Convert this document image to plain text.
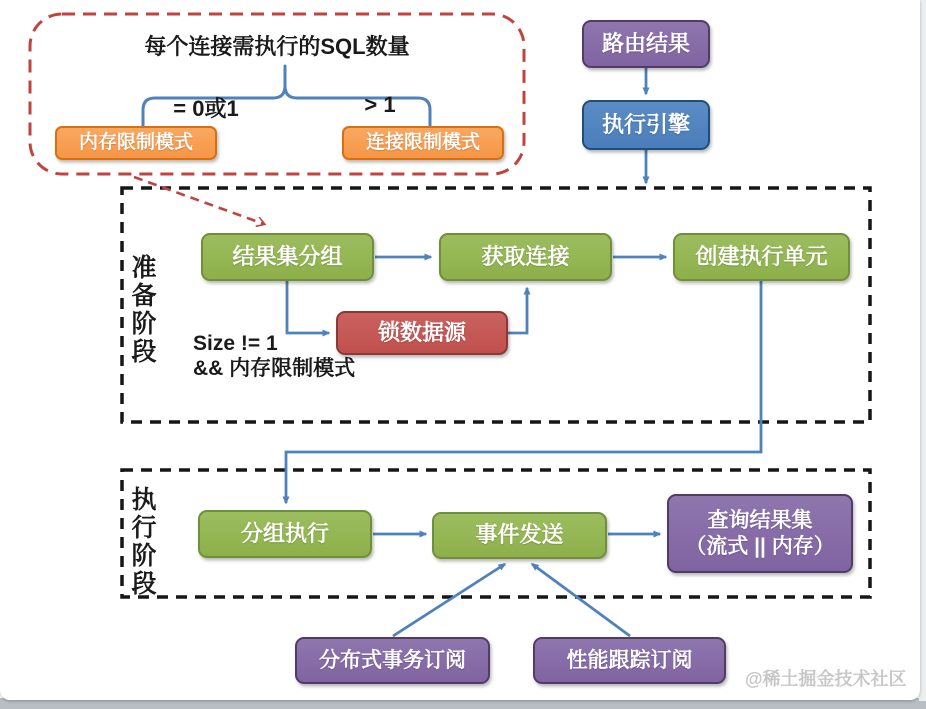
每个连接需执行的SQL数量
= 0或1	> 1
内存限制模式	连接限制模式
路由结果
执行引擎
准备阶段	结果集分组	获取连接	创建执行单元
锁数据源
Size != 1
&& 内存限制模式
执行阶段	分组执行	事件发送
查询结果集
（流式 || 内存）
分布式事务订阅	性能跟踪订阅
@稀土掘金技术社区
